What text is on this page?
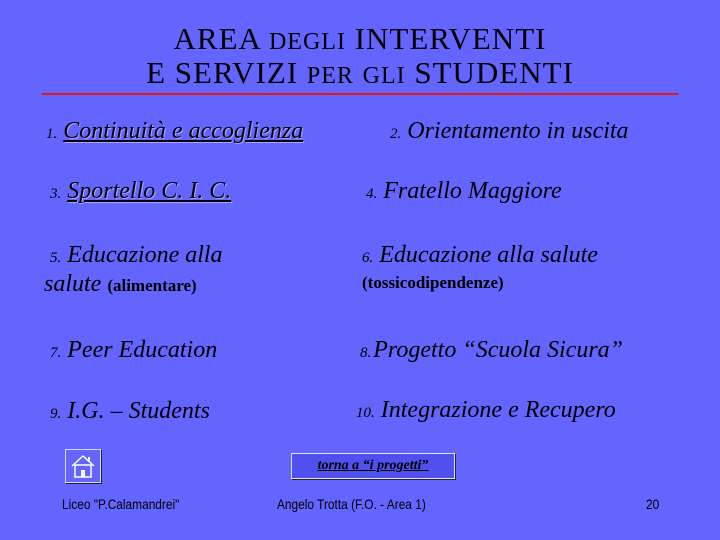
AREA DEGLI INTERVENTI
E SERVIZI PER GLI STUDENTI
1. Continuità e accoglienza	2. Orientamento in uscita
3. Sportello C. I. C.	4. Fratello Maggiore
5. Educazione alla
salute (alimentare)
6. Educazione alla salute
(tossicodipendenze)
7. Peer Education	8.Progetto “Scuola Sicura”
9. I.G. – Students	10. Integrazione e Recupero
torna a “i progetti”
Liceo "P.Calamandrei"	Angelo Trotta (F.O. - Area 1)	20
